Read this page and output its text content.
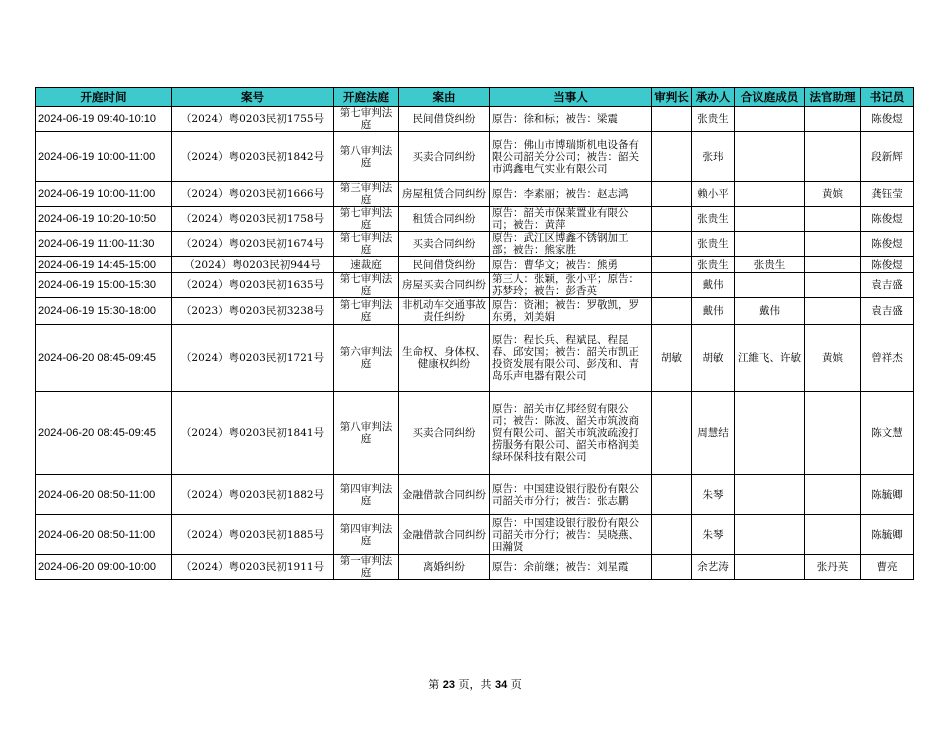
开庭时间	案号	开庭法庭	案由	当事人	审判长	承办人	合议庭成员	法官助理	书记员

2024-06-19 09:40-10:10	（2024）粤0203民初1755号	第七审判法庭	民间借贷纠纷	原告：徐和标；被告：梁震		张贵生			陈俊煜

2024-06-19 10:00-11:00	（2024）粤0203民初1842号	第八审判法庭	买卖合同纠纷	原告：佛山市博瑞斯机电设备有限公司韶关分公司；被告：韶关市鸿鑫电气实业有限公司		张玮			段新辉

2024-06-19 10:00-11:00	（2024）粤0203民初1666号	第三审判法庭	房屋租赁合同纠纷	原告：李素丽；被告：赵志鸿		赖小平		黄嫔	龚钰莹

2024-06-19 10:20-10:50	（2024）粤0203民初1758号	第七审判法庭	租赁合同纠纷	原告：韶关市保莱置业有限公司；被告：黄萍		张贵生			陈俊煜

2024-06-19 11:00-11:30	（2024）粤0203民初1674号	第七审判法庭	买卖合同纠纷	原告：武江区博鑫不锈钢加工部；被告：熊家胜		张贵生			陈俊煜

2024-06-19 14:45-15:00	（2024）粤0203民初944号	速裁庭	民间借贷纠纷	原告：曹华文；被告：熊勇		张贵生	张贵生		陈俊煜

2024-06-19 15:00-15:30	（2024）粤0203民初1635号	第七审判法庭	房屋买卖合同纠纷	第三人：张颖，张小平；原告：苏梦玲；被告：彭香英		戴伟			袁吉盛

2024-06-19 15:30-18:00	（2023）粤0203民初3238号	第七审判法庭	非机动车交通事故责任纠纷	原告：资湘；被告：罗敬凯，罗东勇，刘美娟		戴伟	戴伟		袁吉盛

2024-06-20 08:45-09:45	（2024）粤0203民初1721号	第六审判法庭	生命权、身体权、健康权纠纷	原告：程长兵、程斌昆、程昆春、邱安国；被告：韶关市凯正投资发展有限公司、彭茂和、青岛乐声电器有限公司	胡敏	胡敏	江維飞、许敏	黄嫔	曾祥杰

2024-06-20 08:45-09:45	（2024）粤0203民初1841号	第八审判法庭	买卖合同纠纷	原告：韶关市亿邦经贸有限公司；被告：陈波、韶关市筑波商贸有限公司、韶关市筑波疏浚打捞服务有限公司、韶关市格润美绿环保科技有限公司		周慧结			陈文慧

2024-06-20 08:50-11:00	（2024）粤0203民初1882号	第四审判法庭	金融借款合同纠纷	原告：中国建设银行股份有限公司韶关市分行；被告：张志鹏		朱琴			陈毓卿

2024-06-20 08:50-11:00	（2024）粤0203民初1885号	第四审判法庭	金融借款合同纠纷	原告：中国建设银行股份有限公司韶关市分行；被告：吴晓燕、田瀚贤		朱琴			陈毓卿

2024-06-20 09:00-10:00	（2024）粤0203民初1911号	第一审判法庭	离婚纠纷	原告：余前继；被告：刘星霞		余艺涛		张丹英	曹亮
第 23 页，共 34 页
